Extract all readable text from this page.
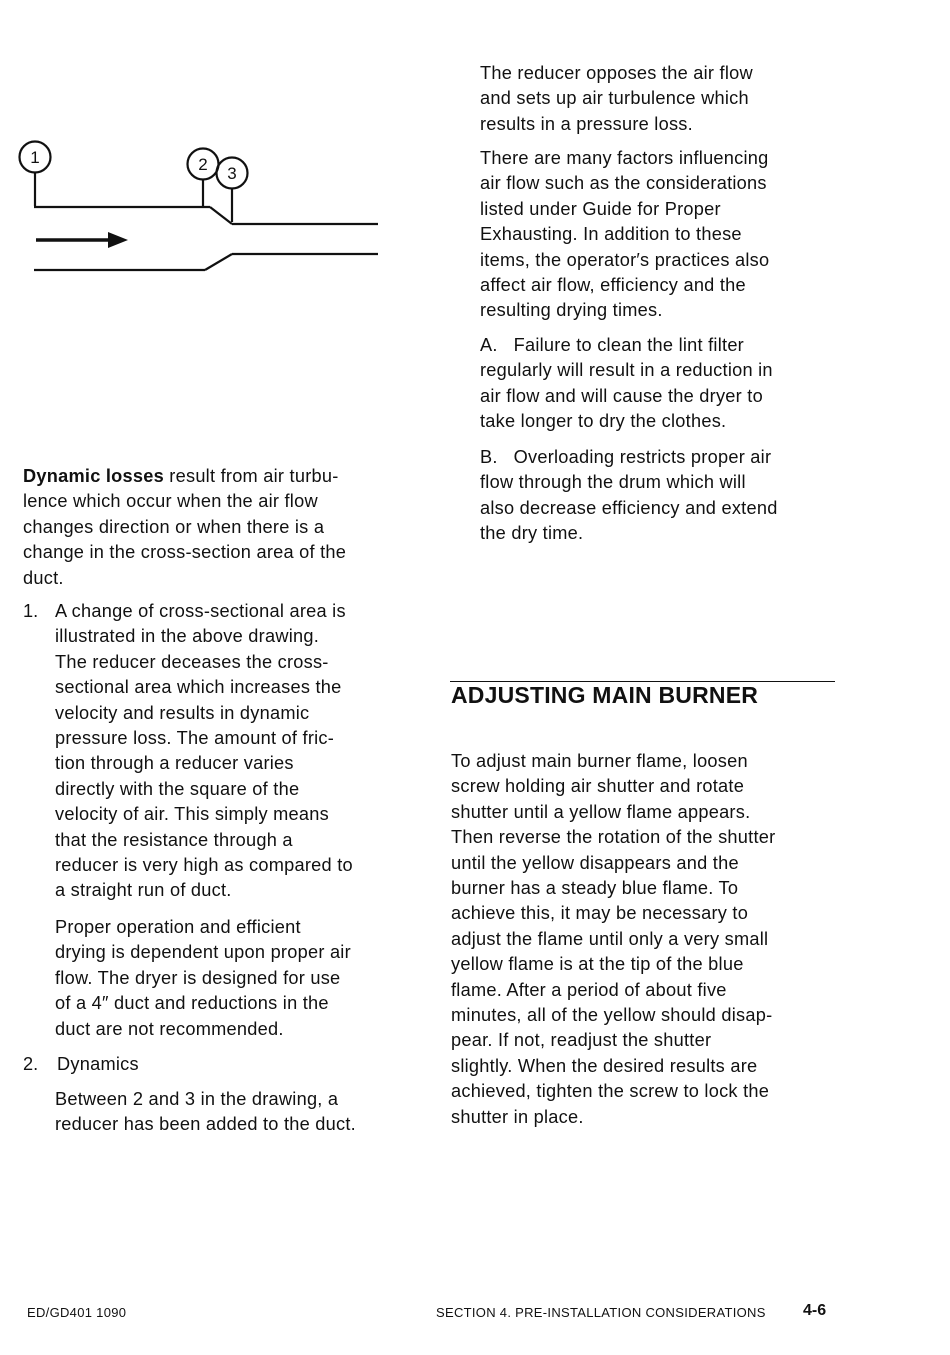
1	2 3

Dynamic losses result from air turbu-
lence which occur when the air flow
changes direction or when there is a
change in the cross-section area of the
duct.

1. A change of cross-sectional area is
illustrated in the above drawing.
The reducer deceases the cross-
sectional area which increases the
velocity and results in dynamic
pressure loss. The amount of fric-
tion through a reducer varies
directly with the square of the
velocity of air. This simply means
that the resistance through a
reducer is very high as compared to
a straight run of duct.

Proper operation and efficient
drying is dependent upon proper air
flow. The dryer is designed for use
of a 4″ duct and reductions in the
duct are not recommended.

2. Dynamics

Between 2 and 3 in the drawing, a
reducer has been added to the duct.

The reducer opposes the air flow
and sets up air turbulence which
results in a pressure loss.

There are many factors influencing
air flow such as the considerations
listed under Guide for Proper
Exhausting. In addition to these
items, the operator′s practices also
affect air flow, efficiency and the
resulting drying times.

A.   Failure to clean the lint filter
regularly will result in a reduction in
air flow and will cause the dryer to
take longer to dry the clothes.

B.   Overloading restricts proper air
flow through the drum which will
also decrease efficiency and extend
the dry time.

ADJUSTING MAIN BURNER

To adjust main burner flame, loosen
screw holding air shutter and rotate
shutter until a yellow flame appears.
Then reverse the rotation of the shutter
until the yellow disappears and the
burner has a steady blue flame. To
achieve this, it may be necessary to
adjust the flame until only a very small
yellow flame is at the tip of the blue
flame. After a period of about five
minutes, all of the yellow should disap-
pear. If not, readjust the shutter
slightly. When the desired results are
achieved, tighten the screw to lock the
shutter in place.

ED/GD401 1090	SECTION 4. PRE-INSTALLATION CONSIDERATIONS 4-6
